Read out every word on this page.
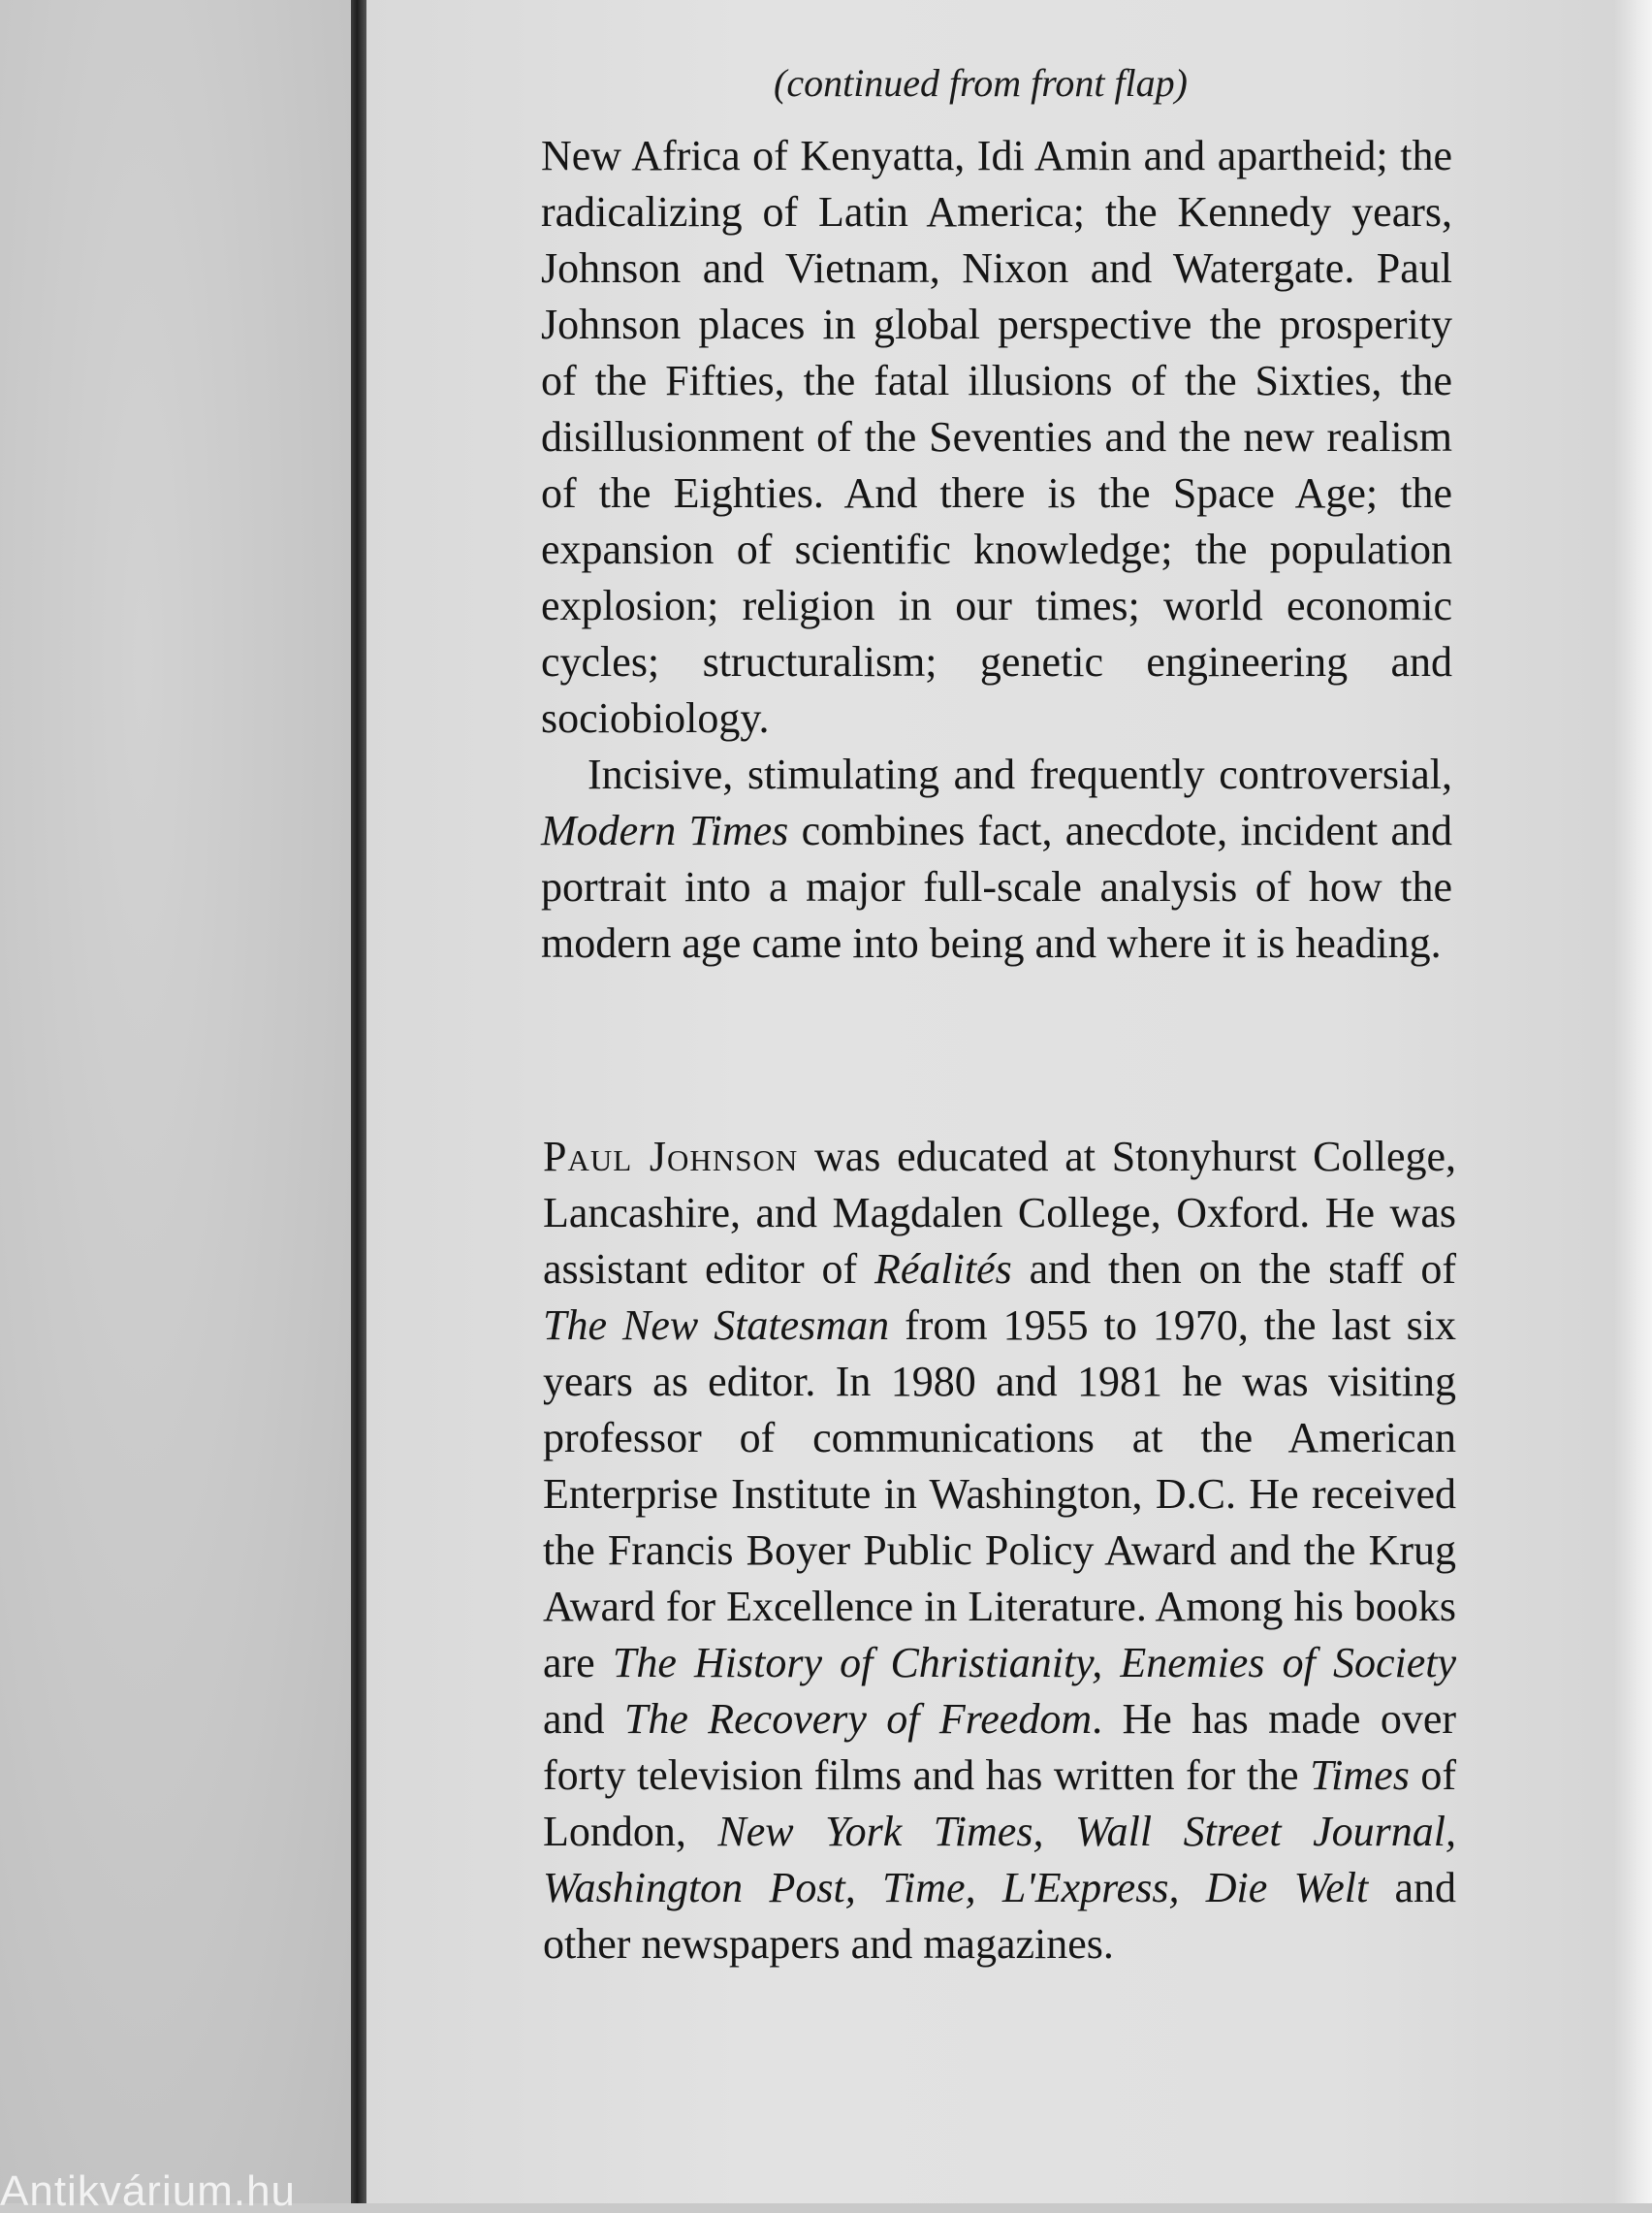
Antikvárium.hu
(continued from front flap)

New Africa of Kenyatta, Idi Amin and apartheid; the radicalizing of Latin America; the Kennedy years, Johnson and Vietnam, Nixon and Watergate. Paul Johnson places in global perspective the prosperity of the Fifties, the fatal illusions of the Sixties, the disillusionment of the Seventies and the new realism of the Eighties. And there is the Space Age; the expansion of scientific knowledge; the population explosion; religion in our times; world economic cycles; structuralism; genetic engineering and sociobiology.

Incisive, stimulating and frequently controversial, Modern Times combines fact, anecdote, incident and portrait into a major full-scale analysis of how the modern age came into being and where it is heading.

Paul Johnson was educated at Stonyhurst College, Lancashire, and Magdalen College, Oxford. He was assistant editor of Réalités and then on the staff of The New Statesman from 1955 to 1970, the last six years as editor. In 1980 and 1981 he was visiting professor of communications at the American Enterprise Institute in Washington, D.C. He received the Francis Boyer Public Policy Award and the Krug Award for Excellence in Literature. Among his books are The History of Christianity, Enemies of Society and The Recovery of Freedom. He has made over forty television films and has written for the Times of London, New York Times, Wall Street Journal, Washington Post, Time, L'Express, Die Welt and other newspapers and magazines.
